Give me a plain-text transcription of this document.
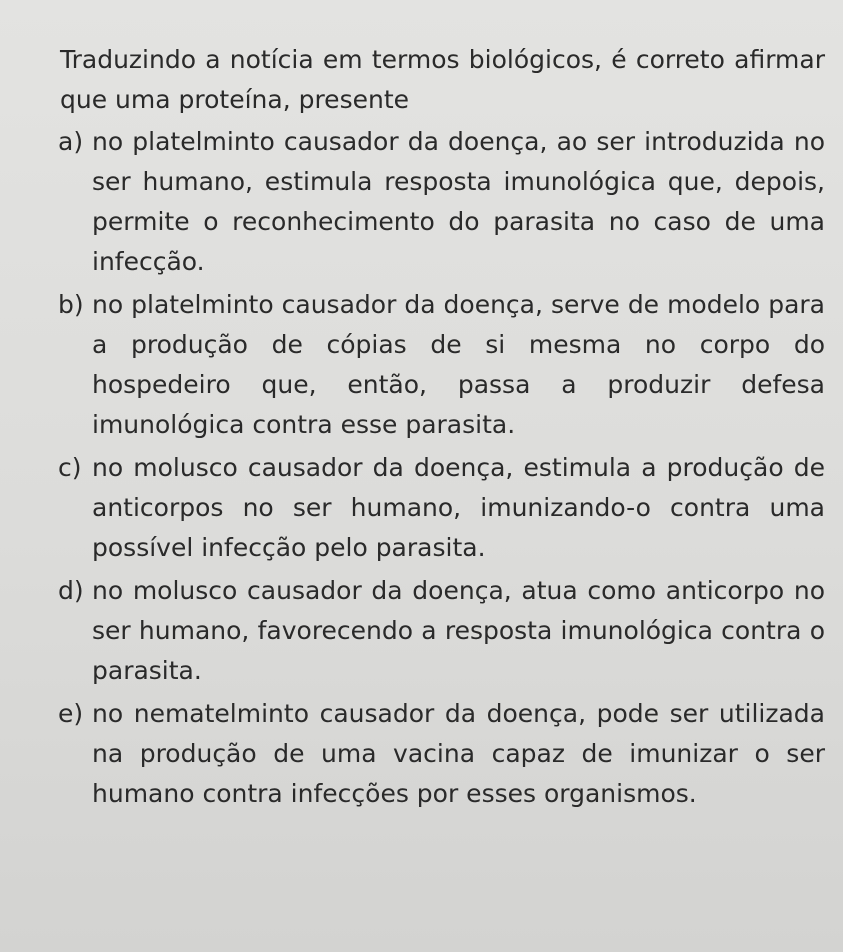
Traduzindo a notícia em termos biológicos, é correto afirmar que uma proteína, presente

a) no platelminto causador da doença, ao ser introduzida no ser humano, estimula resposta imunológica que, depois, permite o reconhecimento do parasita no caso de uma infecção.
b) no platelminto causador da doença, serve de modelo para a produção de cópias de si mesma no corpo do hospedeiro que, então, passa a produzir defesa imunológica contra esse parasita.
c) no molusco causador da doença, estimula a produção de anticorpos no ser humano, imunizando-o contra uma possível infecção pelo parasita.
d) no molusco causador da doença, atua como anticorpo no ser humano, favorecendo a resposta imunológica contra o parasita.
e) no nematelminto causador da doença, pode ser utilizada na produção de uma vacina capaz de imunizar o ser humano contra infecções por esses organismos.
